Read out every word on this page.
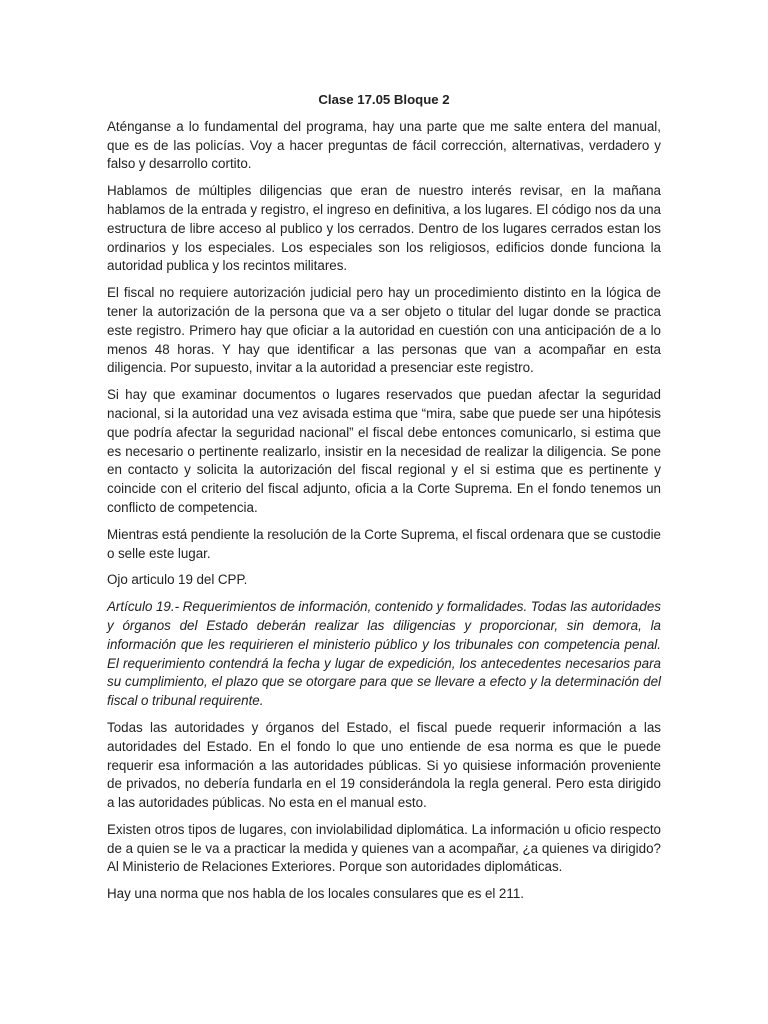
Clase 17.05 Bloque 2

Aténganse a lo fundamental del programa, hay una parte que me salte entera del manual, que es de las policías. Voy a hacer preguntas de fácil corrección, alternativas, verdadero y falso y desarrollo cortito.

Hablamos de múltiples diligencias que eran de nuestro interés revisar, en la mañana hablamos de la entrada y registro, el ingreso en definitiva, a los lugares. El código nos da una estructura de libre acceso al publico y los cerrados. Dentro de los lugares cerrados estan los ordinarios y los especiales. Los especiales son los religiosos, edificios donde funciona la autoridad publica y los recintos militares.

El fiscal no requiere autorización judicial pero hay un procedimiento distinto en la lógica de tener la autorización de la persona que va a ser objeto o titular del lugar donde se practica este registro. Primero hay que oficiar a la autoridad en cuestión con una anticipación de a lo menos 48 horas. Y hay que identificar a las personas que van a acompañar en esta diligencia. Por supuesto, invitar a la autoridad a presenciar este registro.

Si hay que examinar documentos o lugares reservados que puedan afectar la seguridad nacional, si la autoridad una vez avisada estima que “mira, sabe que puede ser una hipótesis que podría afectar la seguridad nacional” el fiscal debe entonces comunicarlo, si estima que es necesario o pertinente realizarlo, insistir en la necesidad de realizar la diligencia. Se pone en contacto y solicita la autorización del fiscal regional y el si estima que es pertinente y coincide con el criterio del fiscal adjunto, oficia a la Corte Suprema. En el fondo tenemos un conflicto de competencia.

Mientras está pendiente la resolución de la Corte Suprema, el fiscal ordenara que se custodie o selle este lugar.

Ojo articulo 19 del CPP.

Artículo 19.- Requerimientos de información, contenido y formalidades. Todas las autoridades y órganos del Estado deberán realizar las diligencias y proporcionar, sin demora, la información que les requirieren el ministerio público y los tribunales con competencia penal. El requerimiento contendrá la fecha y lugar de expedición, los antecedentes necesarios para su cumplimiento, el plazo que se otorgare para que se llevare a efecto y la determinación del fiscal o tribunal requirente.

Todas las autoridades y órganos del Estado, el fiscal puede requerir información a las autoridades del Estado. En el fondo lo que uno entiende de esa norma es que le puede requerir esa información a las autoridades públicas. Si yo quisiese información proveniente de privados, no debería fundarla en el 19 considerándola la regla general. Pero esta dirigido a las autoridades públicas. No esta en el manual esto.

Existen otros tipos de lugares, con inviolabilidad diplomática. La información u oficio respecto de a quien se le va a practicar la medida y quienes van a acompañar, ¿a quienes va dirigido? Al Ministerio de Relaciones Exteriores. Porque son autoridades diplomáticas.

Hay una norma que nos habla de los locales consulares que es el 211.
